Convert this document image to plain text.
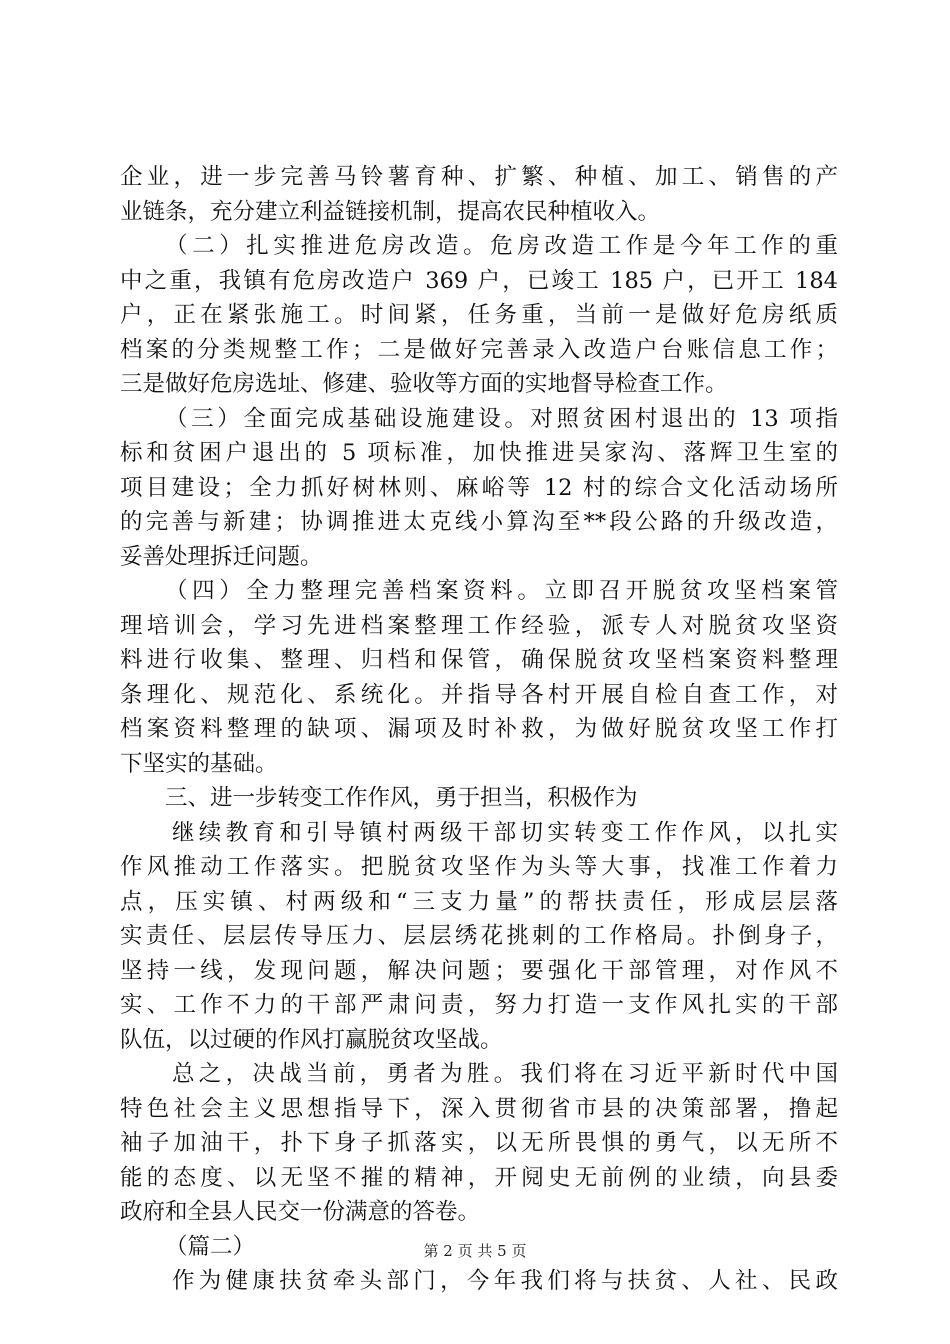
企业，进一步完善马铃薯育种、扩繁、种植、加工、销售的产
业链条，充分建立利益链接机制，提高农民种植收入。
（二）扎实推进危房改造。危房改造工作是今年工作的重
中之重，我镇有危房改造户 369 户，已竣工 185 户，已开工 184
户，正在紧张施工。时间紧，任务重，当前一是做好危房纸质
档案的分类规整工作；二是做好完善录入改造户台账信息工作；
三是做好危房选址、修建、验收等方面的实地督导检查工作。
（三）全面完成基础设施建设。对照贫困村退出的 13 项指
标和贫困户退出的 5 项标准，加快推进吴家沟、落辉卫生室的
项目建设；全力抓好树林则、麻峪等 12 村的综合文化活动场所
的完善与新建；协调推进太克线小算沟至**段公路的升级改造，
妥善处理拆迁问题。
（四）全力整理完善档案资料。立即召开脱贫攻坚档案管
理培训会，学习先进档案整理工作经验，派专人对脱贫攻坚资
料进行收集、整理、归档和保管，确保脱贫攻坚档案资料整理
条理化、规范化、系统化。并指导各村开展自检自查工作，对
档案资料整理的缺项、漏项及时补救，为做好脱贫攻坚工作打
下坚实的基础。
三、进一步转变工作作风，勇于担当，积极作为
继续教育和引导镇村两级干部切实转变工作作风，以扎实
作风推动工作落实。把脱贫攻坚作为头等大事，找准工作着力
点，压实镇、村两级和“三支力量”的帮扶责任，形成层层落
实责任、层层传导压力、层层绣花挑刺的工作格局。扑倒身子，
坚持一线，发现问题，解决问题；要强化干部管理，对作风不
实、工作不力的干部严肃问责，努力打造一支作风扎实的干部
队伍，以过硬的作风打赢脱贫攻坚战。
总之，决战当前，勇者为胜。我们将在习近平新时代中国
特色社会主义思想指导下，深入贯彻省市县的决策部署，撸起
袖子加油干，扑下身子抓落实，以无所畏惧的勇气，以无所不
能的态度、以无坚不摧的精神，开阋史无前例的业绩，向县委
政府和全县人民交一份满意的答卷。
（篇二）
作为健康扶贫牵头部门，今年我们将与扶贫、人社、民政
第 2 页 共 5 页
